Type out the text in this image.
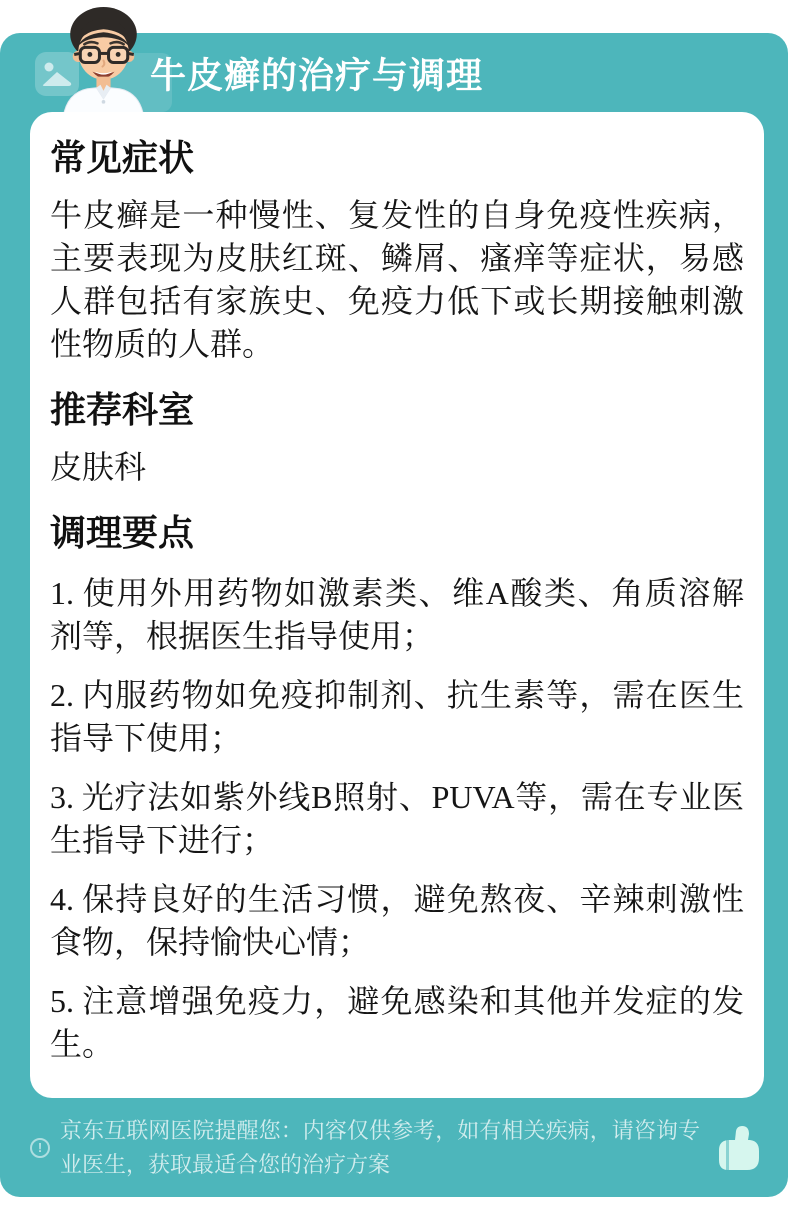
牛皮癣的治疗与调理
常见症状

牛皮癣是一种慢性、复发性的自身免疫性疾病，主要表现为皮肤红斑、鳞屑、瘙痒等症状，易感人群包括有家族史、免疫力低下或长期接触刺激性物质的人群。

推荐科室

皮肤科

调理要点

1. 使用外用药物如激素类、维A酸类、角质溶解剂等，根据医生指导使用；

2. 内服药物如免疫抑制剂、抗生素等，需在医生指导下使用；

3. 光疗法如紫外线B照射、PUVA等，需在专业医生指导下进行；

4. 保持良好的生活习惯，避免熬夜、辛辣刺激性食物，保持愉快心情；

5. 注意增强免疫力，避免感染和其他并发症的发生。

!

京东互联网医院提醒您：内容仅供参考，如有相关疾病，请咨询专业医生，获取最适合您的治疗方案
